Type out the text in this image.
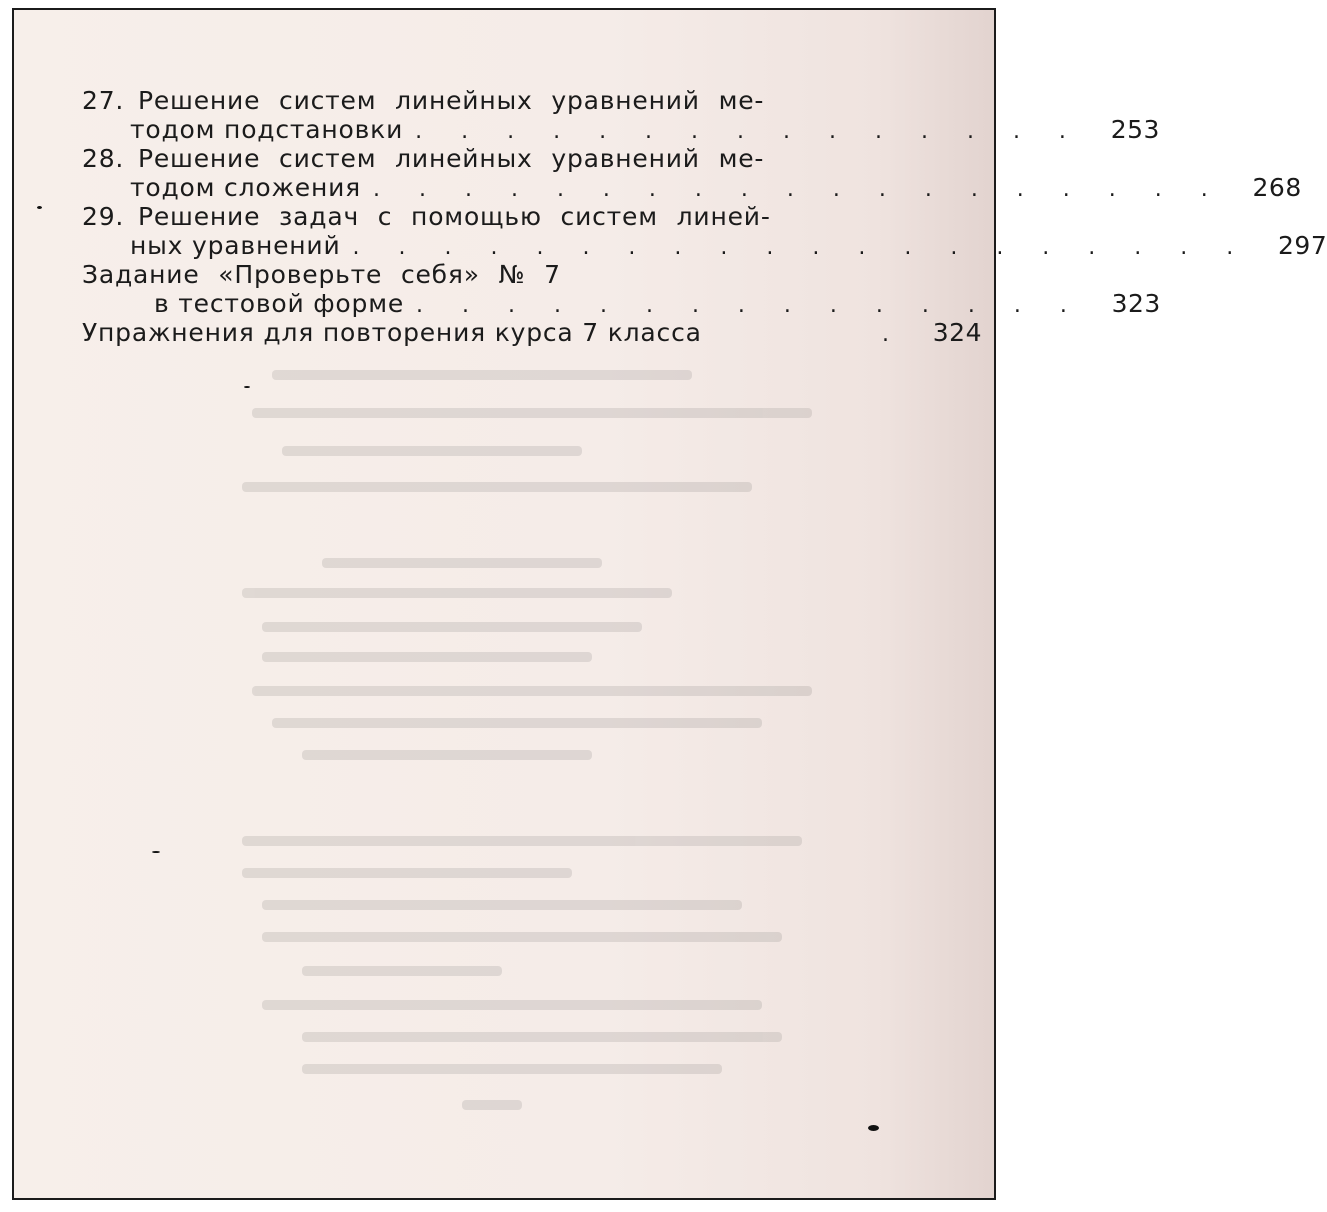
27. Решение систем линейных уравнений ме-
тодом подстановки . . . . . . . . . . . . . . .	253
28. Решение систем линейных уравнений ме-
тодом сложения . . . . . . . . . . . . . . . . . . .	268
29. Решение задач с помощью систем линей-
ных уравнений . . . . . . . . . . . . . . . . . . . .	297
Задание «Проверьте себя» № 7
в тестовой форме . . . . . . . . . . . . . . .	323
Упражнения для повторения курса 7 класса	.	324
